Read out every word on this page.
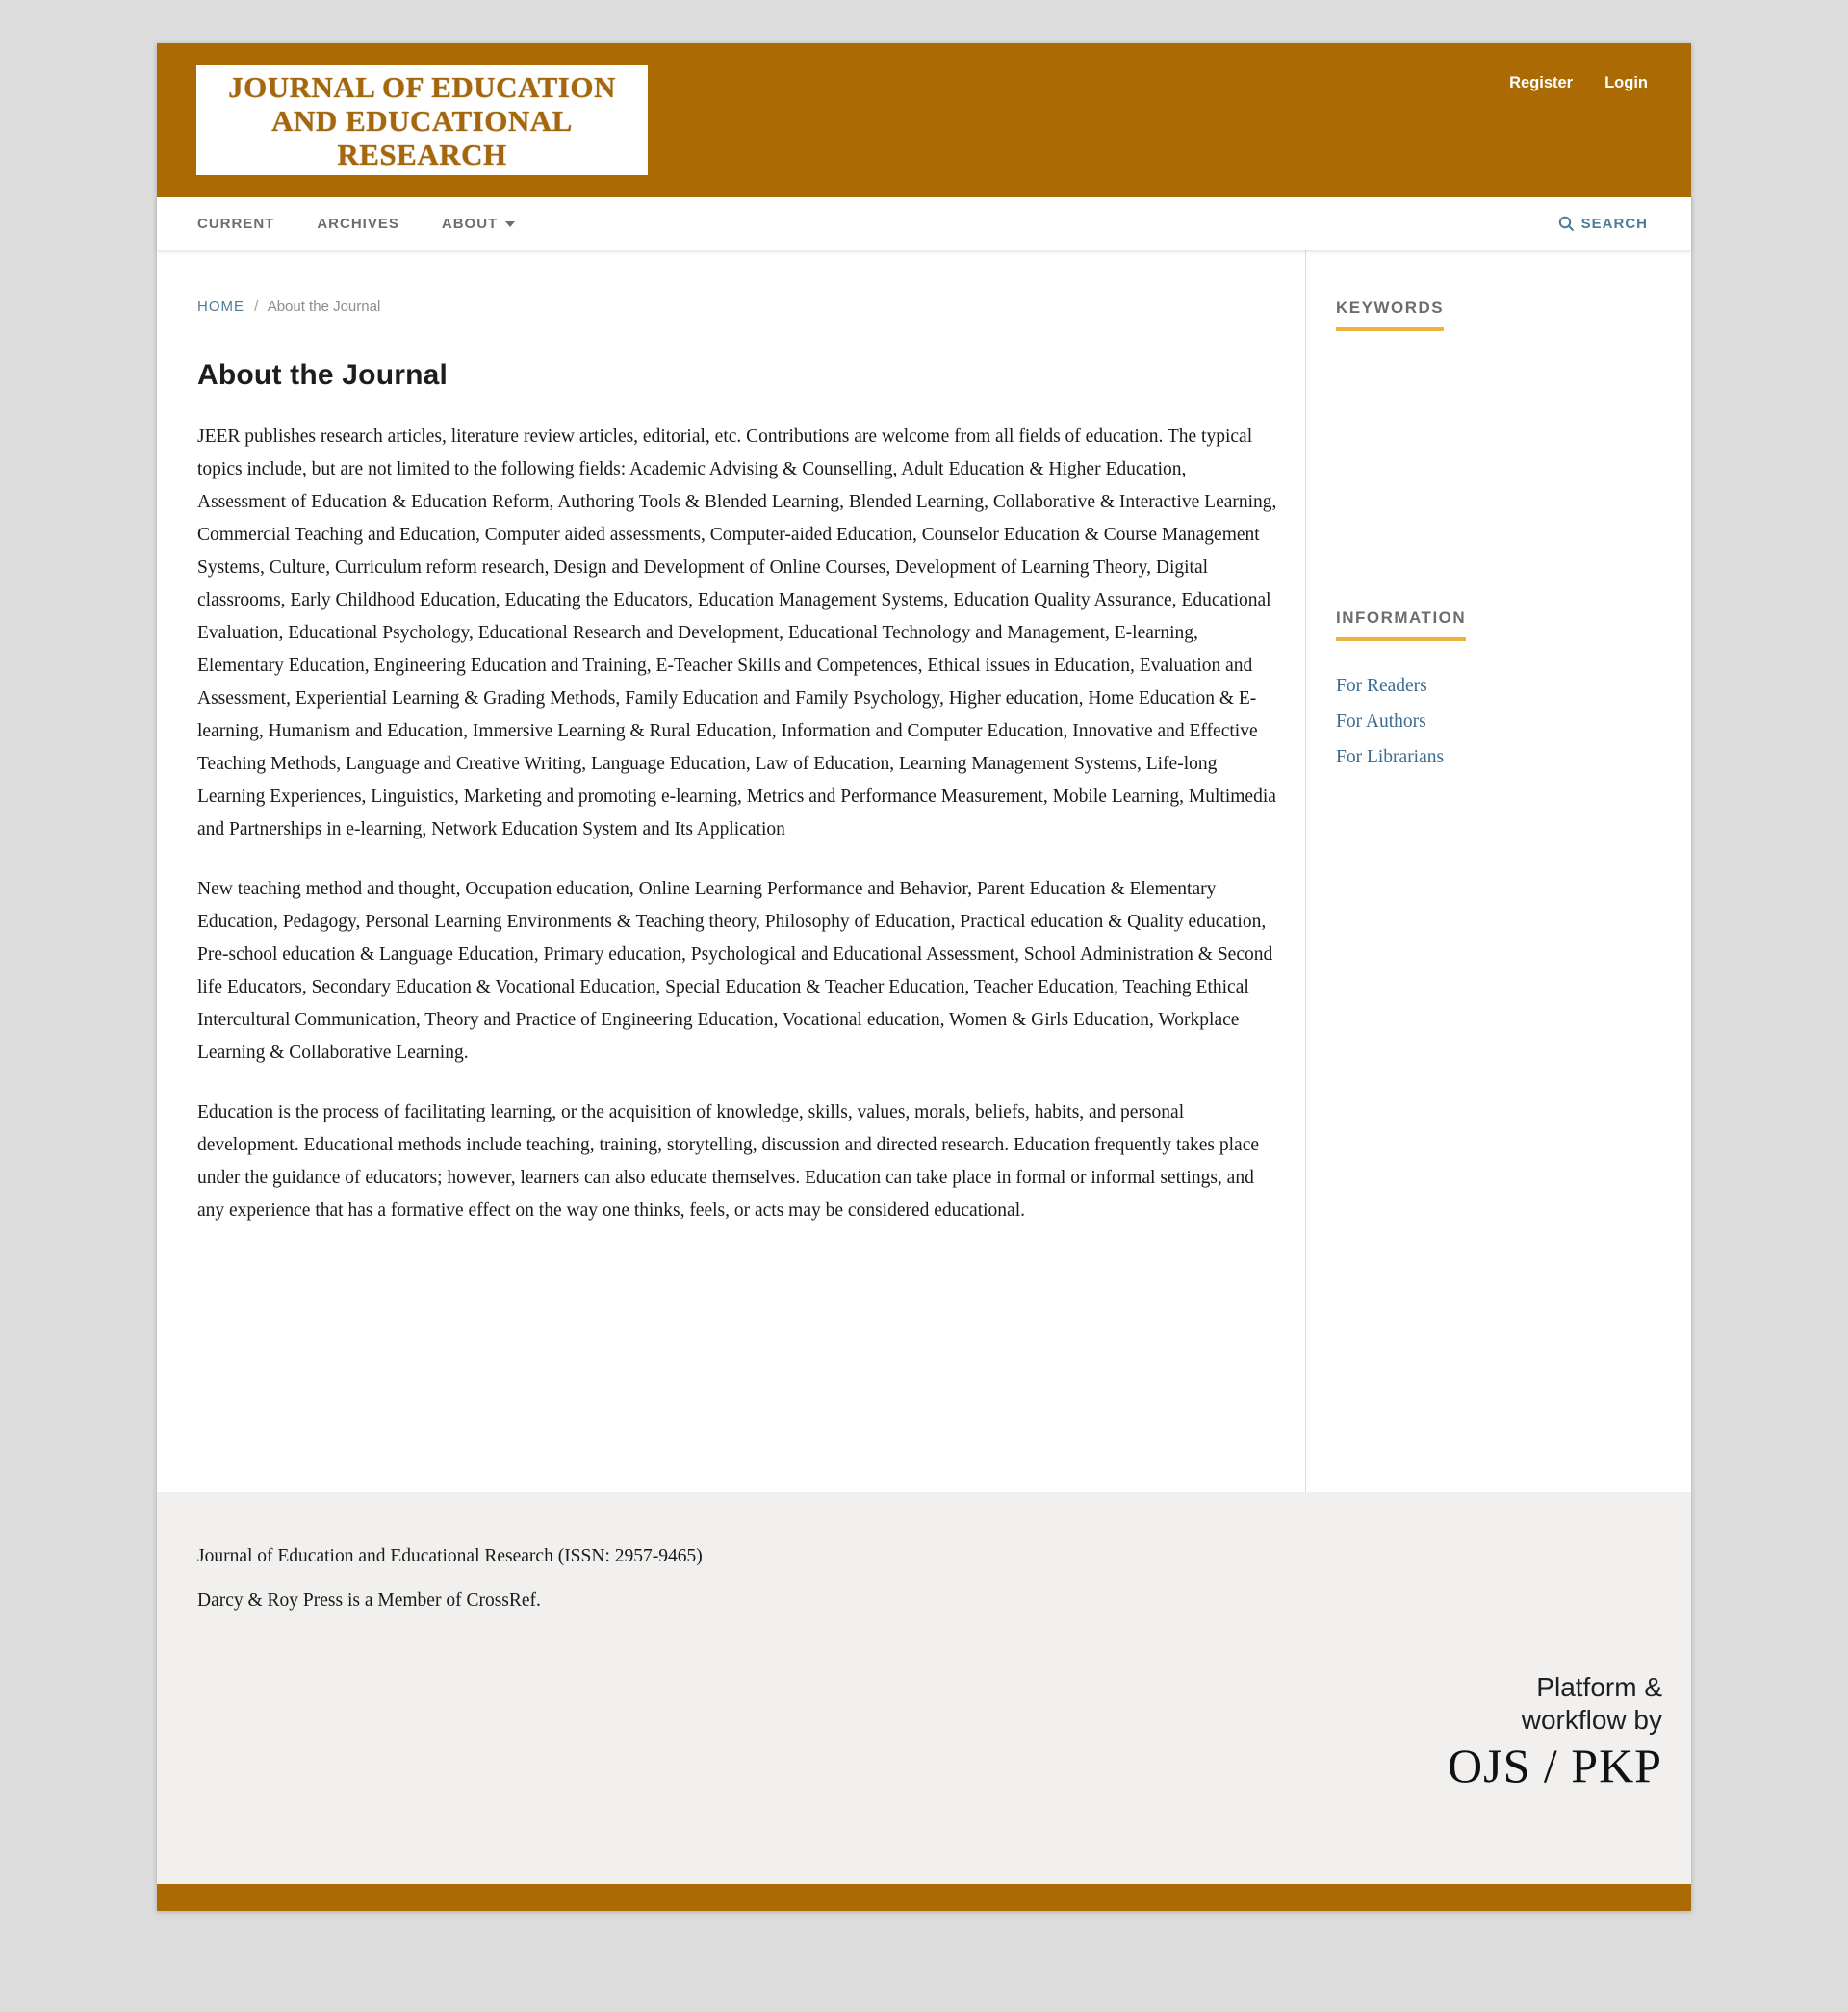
JOURNAL OF EDUCATION
AND EDUCATIONAL
RESEARCH
Register Login
CURRENT	ARCHIVES	ABOUT	SEARCH
HOME / About the Journal
About the Journal

JEER publishes research articles, literature review articles, editorial, etc. Contributions are welcome from all fields of education. The typical topics include, but are not limited to the following fields: Academic Advising & Counselling, Adult Education & Higher Education, Assessment of Education & Education Reform, Authoring Tools & Blended Learning, Blended Learning, Collaborative & Interactive Learning, Commercial Teaching and Education, Computer aided assessments, Computer-aided Education, Counselor Education & Course Management Systems, Culture, Curriculum reform research, Design and Development of Online Courses, Development of Learning Theory, Digital classrooms, Early Childhood Education, Educating the Educators, Education Management Systems, Education Quality Assurance, Educational Evaluation, Educational Psychology, Educational Research and Development, Educational Technology and Management, E-learning, Elementary Education, Engineering Education and Training, E-Teacher Skills and Competences, Ethical issues in Education, Evaluation and Assessment, Experiential Learning & Grading Methods, Family Education and Family Psychology, Higher education, Home Education & E-learning, Humanism and Education, Immersive Learning & Rural Education, Information and Computer Education, Innovative and Effective Teaching Methods, Language and Creative Writing, Language Education, Law of Education, Learning Management Systems, Life-long Learning Experiences, Linguistics, Marketing and promoting e-learning, Metrics and Performance Measurement, Mobile Learning, Multimedia and Partnerships in e-learning, Network Education System and Its Application

New teaching method and thought, Occupation education, Online Learning Performance and Behavior, Parent Education & Elementary Education, Pedagogy, Personal Learning Environments & Teaching theory, Philosophy of Education, Practical education & Quality education, Pre-school education & Language Education, Primary education, Psychological and Educational Assessment, School Administration & Second life Educators, Secondary Education & Vocational Education, Special Education & Teacher Education, Teacher Education, Teaching Ethical Intercultural Communication, Theory and Practice of Engineering Education, Vocational education, Women & Girls Education, Workplace Learning & Collaborative Learning.

Education is the process of facilitating learning, or the acquisition of knowledge, skills, values, morals, beliefs, habits, and personal development. Educational methods include teaching, training, storytelling, discussion and directed research. Education frequently takes place under the guidance of educators; however, learners can also educate themselves. Education can take place in formal or informal settings, and any experience that has a formative effect on the way one thinks, feels, or acts may be considered educational.

KEYWORDS
INFORMATION
For Readers
For Authors
For Librarians

Journal of Education and Educational Research (ISSN: 2957-9465)

Darcy & Roy Press is a Member of CrossRef.

Platform &
workflow by
OJS / PKP
